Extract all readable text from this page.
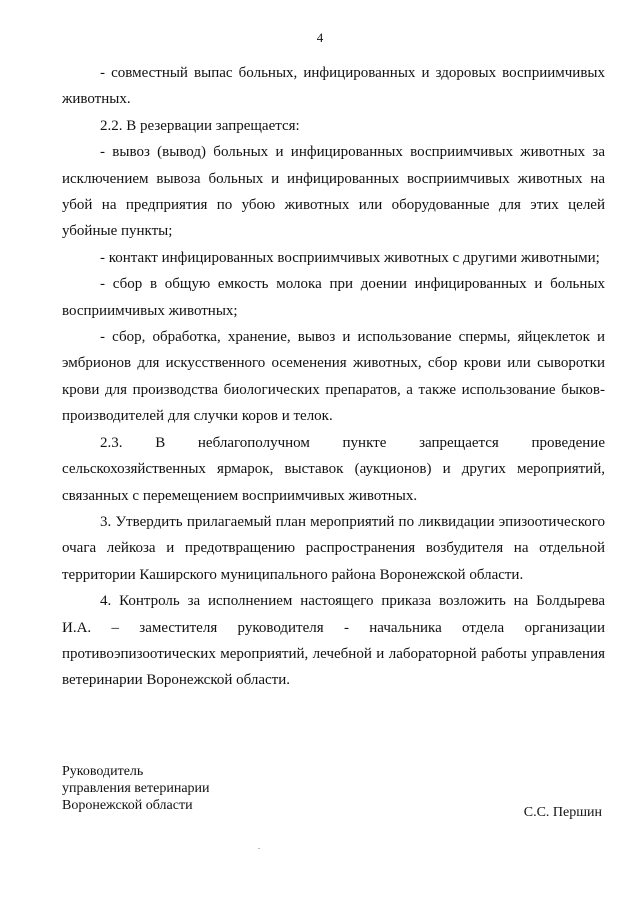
4

- совместный выпас больных, инфицированных и здоровых восприимчивых животных.

2.2. В резервации запрещается:

- вывоз (вывод) больных и инфицированных восприимчивых животных за исключением вывоза больных и инфицированных восприимчивых животных на убой на предприятия по убою животных или оборудованные для этих целей убойные пункты;

- контакт инфицированных восприимчивых животных с другими животными;

- сбор в общую емкость молока при доении инфицированных и больных восприимчивых животных;

- сбор, обработка, хранение, вывоз и использование спермы, яйцеклеток и эмбрионов для искусственного осеменения животных, сбор крови или сыворотки крови для производства биологических препаратов, а также использование быков-производителей для случки коров и телок.

2.3. В неблагополучном пункте запрещается проведение сельскохозяйственных ярмарок, выставок (аукционов) и других мероприятий, связанных с перемещением восприимчивых животных.

3. Утвердить прилагаемый план мероприятий по ликвидации эпизоотического очага лейкоза и предотвращению распространения возбудителя на отдельной территории Каширского муниципального района Воронежской области.

4. Контроль за исполнением настоящего приказа возложить на Болдырева И.А. – заместителя руководителя - начальника отдела организации противоэпизоотических мероприятий, лечебной и лабораторной работы управления ветеринарии Воронежской области.

Руководитель
управления ветеринарии
Воронежской области	С.С. Першин
